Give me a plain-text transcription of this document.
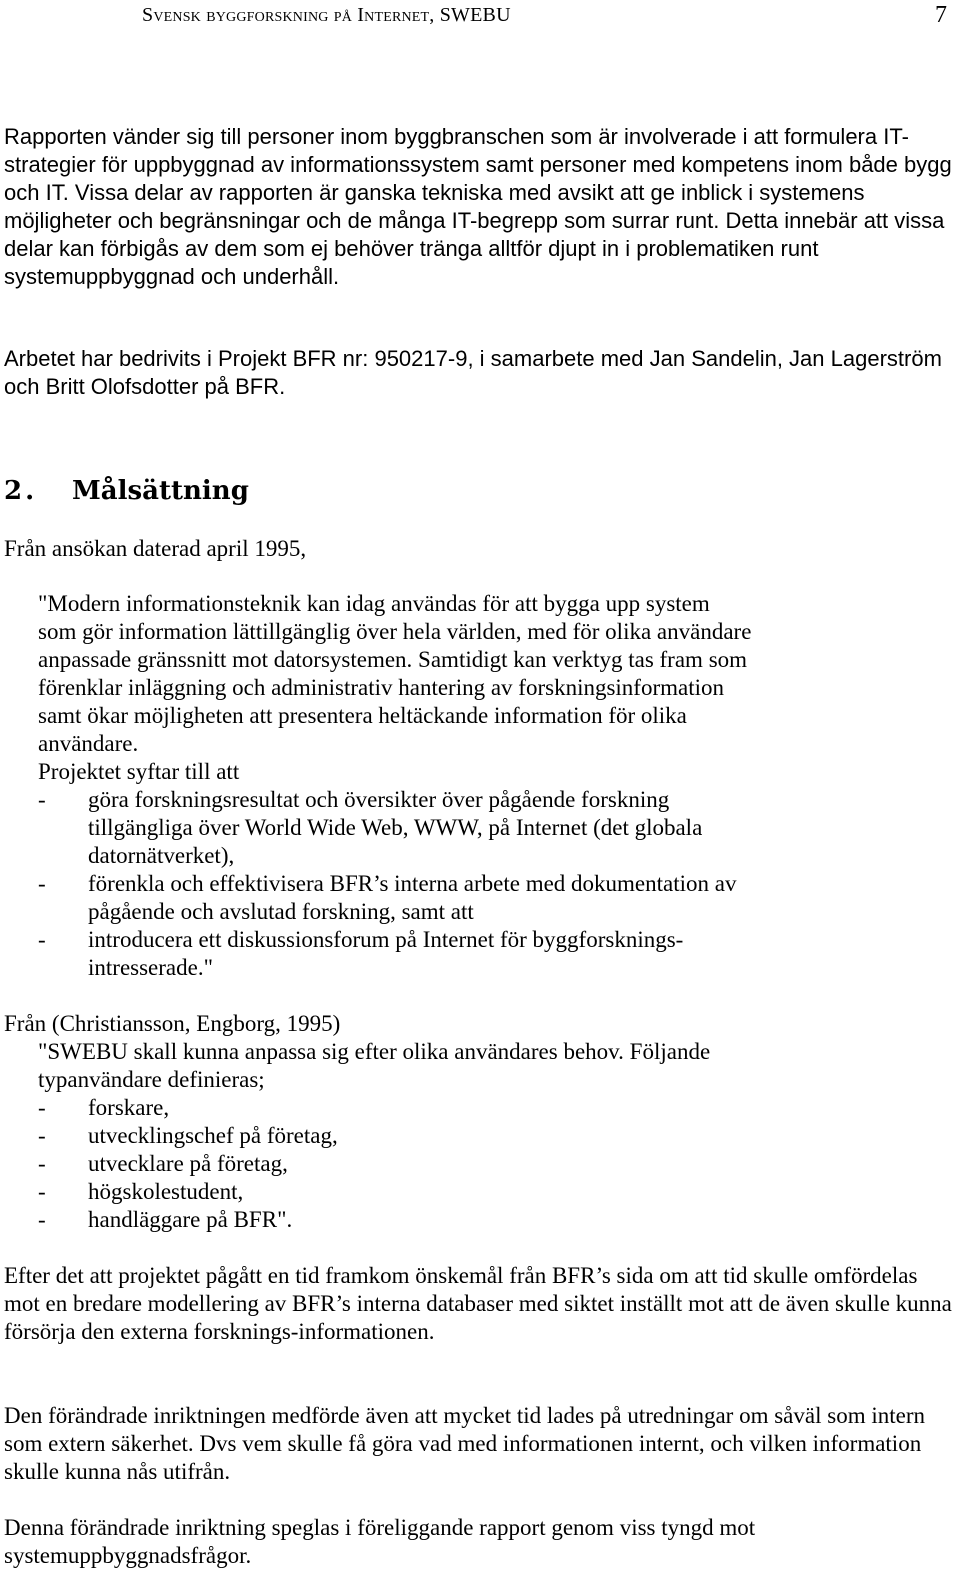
Svensk byggforskning på Internet, SWEBU	7
Rapporten vänder sig till personer inom byggbranschen som är involverade i att formulera IT-strategier för uppbyggnad av informationssystem samt personer med kompetens inom både bygg och IT. Vissa delar av rapporten är ganska tekniska med avsikt att ge inblick i systemens möjligheter och begränsningar och de många IT-begrepp som surrar runt. Detta innebär att vissa delar kan förbigås av dem som ej behöver tränga alltför djupt in i problematiken runt systemuppbyggnad och underhåll.
Arbetet har bedrivits i Projekt BFR nr: 950217-9, i samarbete med Jan Sandelin, Jan Lagerström och Britt Olofsdotter på BFR.
2. Målsättning
Från ansökan daterad april 1995,
"Modern informationsteknik kan idag användas för att bygga upp system
som gör information lättillgänglig över hela världen, med för olika användare
anpassade gränssnitt mot datorsystemen. Samtidigt kan verktyg tas fram som
förenklar inläggning och administrativ hantering av forskningsinformation
samt ökar möjligheten att presentera heltäckande information för olika
användare.
Projektet syftar till att
- göra forskningsresultat och översikter över pågående forskning
tillgängliga över World Wide Web, WWW, på Internet (det globala
datornätverket),
- förenkla och effektivisera BFR’s interna arbete med dokumentation av
pågående och avslutad forskning, samt att
- introducera ett diskussionsforum på Internet för byggforsknings-
intresserade."
Från (Christiansson, Engborg, 1995)
"SWEBU skall kunna anpassa sig efter olika användares behov. Följande
typanvändare definieras;
- forskare,
- utvecklingschef på företag,
- utvecklare på företag,
- högskolestudent,
- handläggare på BFR".
Efter det att projektet pågått en tid framkom önskemål från BFR’s sida om att tid skulle omfördelas mot en bredare modellering av BFR’s interna databaser med siktet inställt mot att de även skulle kunna försörja den externa forsknings-informationen.
Den förändrade inriktningen medförde även att mycket tid lades på utredningar om såväl som intern som extern säkerhet. Dvs vem skulle få göra vad med informationen internt, och vilken information skulle kunna nås utifrån.
Denna förändrade inriktning speglas i föreliggande rapport genom viss tyngd mot systemuppbyggnadsfrågor.
